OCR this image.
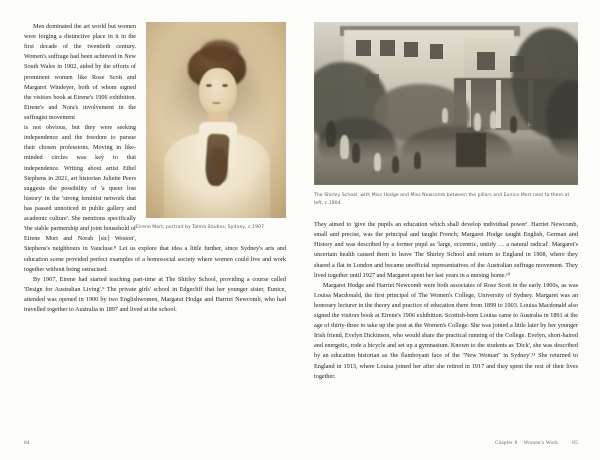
Eirene Mort, portrait by Talma Studios, Sydney, c.1907

Men dominated the art world but women were forging a distinctive place in it in the first decade of the twentieth century. Women's suffrage had been achieved in New South Wales in 1902, aided by the efforts of prominent women like Rose Scott and Margaret Windeyer, both of whom signed the visitors book at Eirene's 1906 exhibition. Eirene's and Nora's involvement in the suffragist movement

is not obvious, but they were seeking independence and the freedom to pursue their chosen professions. Moving in like-minded circles was key to that independence. Writing about artist Ethel Stephens in 2021, art historian Juliette Peers suggests the possibility of 'a queer lost history' in the 'strong feminist network that has passed unnoticed in public gallery and academic culture'. She mentions specifically 'the stable partnership and joint household of Eirene Mort and Norah [sic] Weston', Stephens's neighbours in Vaucluse.⁸ Let us explore that idea a little further, since Sydney's arts and education scene provided perfect examples of a homosocial society where women could live and work together without being ostracised.

By 1907, Eirene had started teaching part-time at The Shirley School, providing a course called 'Design for Australian Living'.⁹ The private girls' school in Edgecliff that her younger sister, Eunice, attended was opened in 1900 by two Englishwomen, Margaret Hodge and Harriet Newcomb, who had travelled together to Australia in 1897 and lived at the school.

84
The Shirley School, with Miss Hodge and Miss Newcomb between the pillars and Eunice Mort next to them at left, c.1904.

They aimed to 'give the pupils an education which shall develop individual power'. Harriet Newcomb, small and precise, was the principal and taught French; Margaret Hodge taught English, German and History and was described by a former pupil as 'large, eccentric, untidy … a natural radical'. Margaret's uncertain health caused them to leave The Shirley School and return to England in 1908, where they shared a flat in London and became unofficial representatives of the Australian suffrage movement. They lived together until 1927 and Margaret spent her last years in a nursing home.¹⁰

Margaret Hodge and Harriet Newcomb were both associates of Rose Scott in the early 1900s, as was Louisa Macdonald, the first principal of The Women's College, University of Sydney. Margaret was an honorary lecturer in the theory and practice of education there from 1899 to 1903. Louisa Macdonald also signed the visitors book at Eirene's 1906 exhibition. Scottish-born Louisa came to Australia in 1891 at the age of thirty-three to take up the post at the Women's College. She was joined a little later by her younger Irish friend, Evelyn Dickinson, who would share the practical running of the College. Evelyn, short-haired and energetic, rode a bicycle and set up a gymnasium. Known to the students as 'Dick', she was described by an education historian as 'the flamboyant face of the "New Woman" in Sydney'.¹¹ She returned to England in 1913, where Louisa joined her after she retired in 1917 and they spent the rest of their lives together.

Chapter 8 Women's Work	85
